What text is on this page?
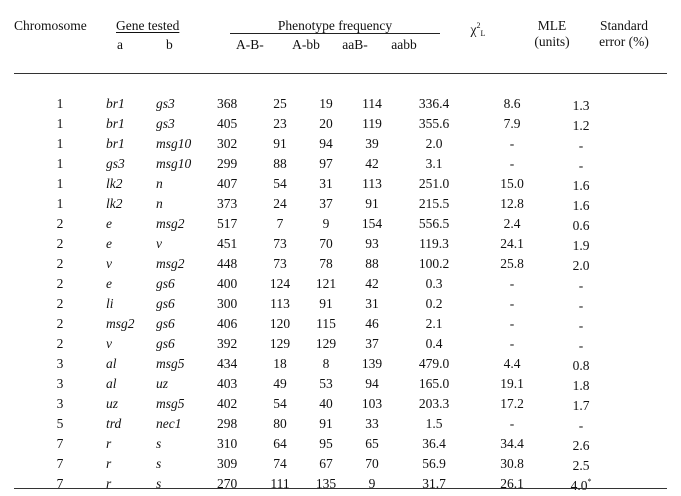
Chromosome Gene tested
a	b
Phenotype frequency
A-B- A-bb aaB- aabb
$\chi^2_L$
MLE
(units)
Standard
error (%)
1	br1	gs3	368	25	19	114	336.4	8.6	1.3
1	br1	gs3	405	23	20	119	355.6	7.9	1.2
1	br1	msg10	302	91	94	39	2.0	-	-
1	gs3	msg10	299	88	97	42	3.1	-	-
1	lk2	n	407	54	31	113	251.0	15.0	1.6
1	lk2	n	373	24	37	91	215.5	12.8	1.6
2	e	msg2	517	7	9	154	556.5	2.4	0.6
2	e	v	451	73	70	93	119.3	24.1	1.9
2	v	msg2	448	73	78	88	100.2	25.8	2.0
2	e	gs6	400	124	121	42	0.3	-	-
2	li	gs6	300	113	91	31	0.2	-	-
2	msg2	gs6	406	120	115	46	2.1	-	-
2	v	gs6	392	129	129	37	0.4	-	-
3	al	msg5	434	18	8	139	479.0	4.4	0.8
3	al	uz	403	49	53	94	165.0	19.1	1.8
3	uz	msg5	402	54	40	103	203.3	17.2	1.7
5	trd	nec1	298	80	91	33	1.5	-	-
7	r	s	310	64	95	65	36.4	34.4	2.6
7	r	s	309	74	67	70	56.9	30.8	2.5
7	r	s	270	111	135	9	31.7	26.1	4.0*
